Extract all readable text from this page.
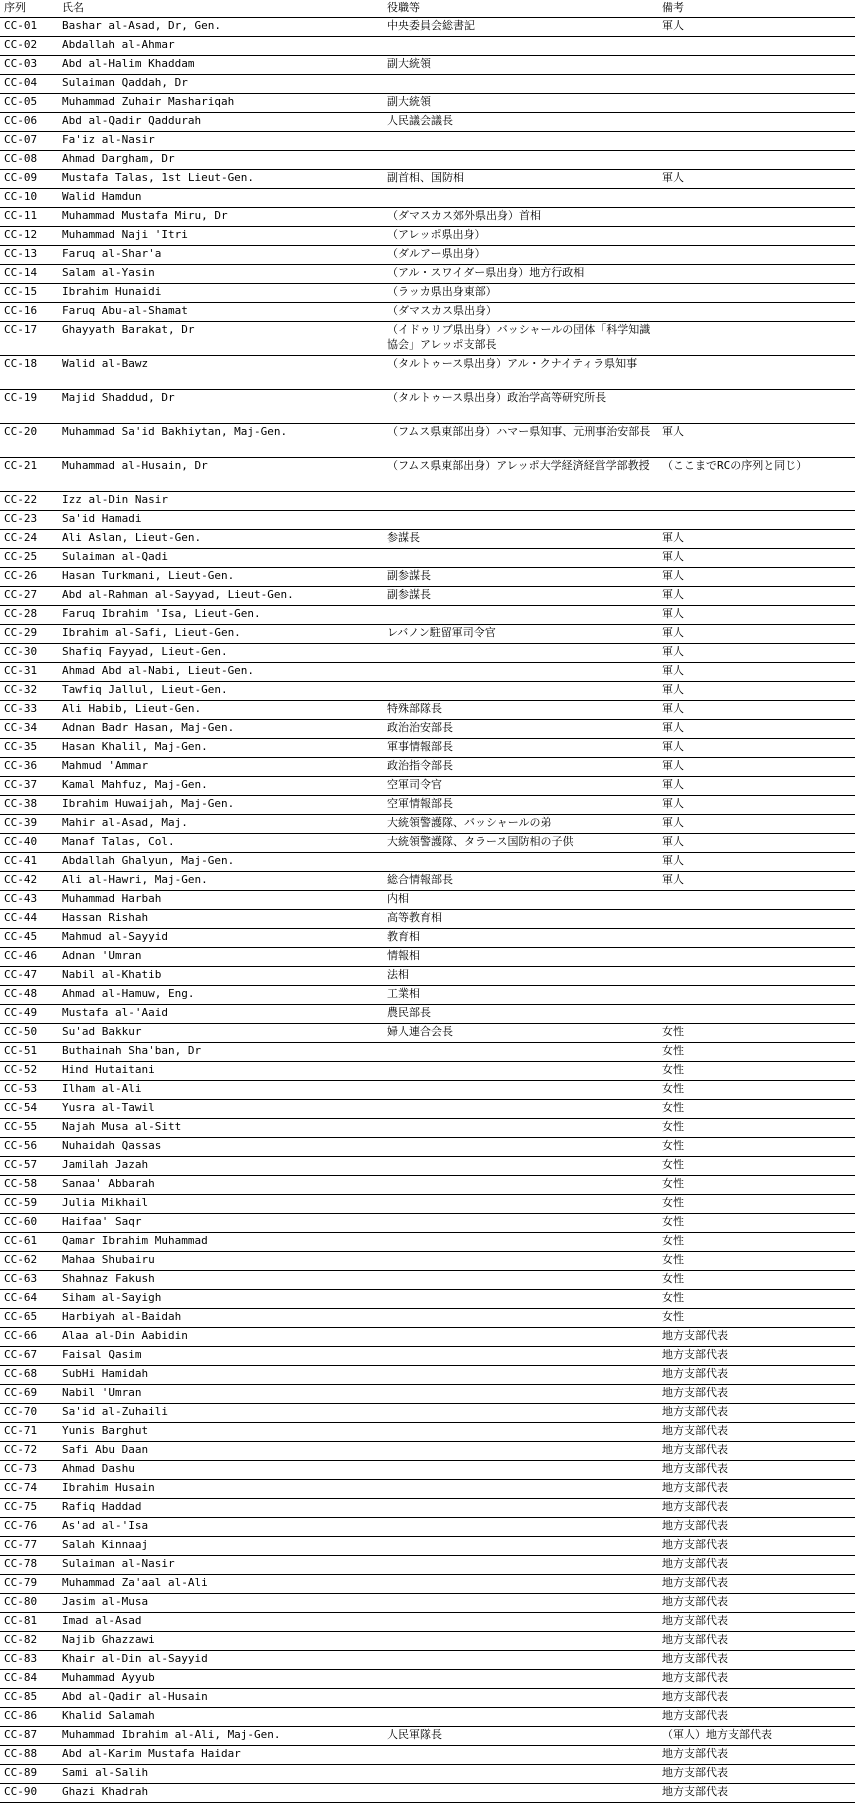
序列	氏名	役職等	備考
CC-01	Bashar al-Asad, Dr, Gen.	中央委員会総書記	軍人
CC-02	Abdallah al-Ahmar		
CC-03	Abd al-Halim Khaddam	副大統領	
CC-04	Sulaiman Qaddah, Dr		
CC-05	Muhammad Zuhair Mashariqah	副大統領	
CC-06	Abd al-Qadir Qaddurah	人民議会議長	
CC-07	Fa'iz al-Nasir		
CC-08	Ahmad Dargham, Dr		
CC-09	Mustafa Talas, 1st Lieut-Gen.	副首相、国防相	軍人
CC-10	Walid Hamdun		
CC-11	Muhammad Mustafa Miru, Dr	（ダマスカス郊外県出身）首相	
CC-12	Muhammad Naji 'Itri	（アレッポ県出身）	
CC-13	Faruq al-Shar'a	（ダルアー県出身）	
CC-14	Salam al-Yasin	（アル・スワイダー県出身）地方行政相	
CC-15	Ibrahim Hunaidi	（ラッカ県出身東部）	
CC-16	Faruq Abu-al-Shamat	（ダマスカス県出身）	
CC-17	Ghayyath Barakat, Dr	（イドゥリブ県出身）バッシャールの団体「科学知識協会」アレッポ支部長	
CC-18	Walid al-Bawz	（タルトゥース県出身）アル・クナイティラ県知事	
CC-19	Majid Shaddud, Dr	（タルトゥース県出身）政治学高等研究所長	
CC-20	Muhammad Sa'id Bakhiytan, Maj-Gen.	（フムス県東部出身）ハマー県知事、元刑事治安部長	軍人
CC-21	Muhammad al-Husain, Dr	（フムス県東部出身）アレッポ大学経済経営学部教授	（ここまでRCの序列と同じ）
CC-22	Izz al-Din Nasir		
CC-23	Sa'id Hamadi		
CC-24	Ali Aslan, Lieut-Gen.	参謀長	軍人
CC-25	Sulaiman al-Qadi		軍人
CC-26	Hasan Turkmani, Lieut-Gen.	副参謀長	軍人
CC-27	Abd al-Rahman al-Sayyad, Lieut-Gen.	副参謀長	軍人
CC-28	Faruq Ibrahim 'Isa, Lieut-Gen.		軍人
CC-29	Ibrahim al-Safi, Lieut-Gen.	レバノン駐留軍司令官	軍人
CC-30	Shafiq Fayyad, Lieut-Gen.		軍人
CC-31	Ahmad Abd al-Nabi, Lieut-Gen.		軍人
CC-32	Tawfiq Jallul, Lieut-Gen.		軍人
CC-33	Ali Habib, Lieut-Gen.	特殊部隊長	軍人
CC-34	Adnan Badr Hasan, Maj-Gen.	政治治安部長	軍人
CC-35	Hasan Khalil, Maj-Gen.	軍事情報部長	軍人
CC-36	Mahmud 'Ammar	政治指令部長	軍人
CC-37	Kamal Mahfuz, Maj-Gen.	空軍司令官	軍人
CC-38	Ibrahim Huwaijah, Maj-Gen.	空軍情報部長	軍人
CC-39	Mahir al-Asad, Maj.	大統領警護隊、バッシャールの弟	軍人
CC-40	Manaf Talas, Col.	大統領警護隊、タラース国防相の子供	軍人
CC-41	Abdallah Ghalyun, Maj-Gen.		軍人
CC-42	Ali al-Hawri, Maj-Gen.	総合情報部長	軍人
CC-43	Muhammad Harbah	内相	
CC-44	Hassan Rishah	高等教育相	
CC-45	Mahmud al-Sayyid	教育相	
CC-46	Adnan 'Umran	情報相	
CC-47	Nabil al-Khatib	法相	
CC-48	Ahmad al-Hamuw, Eng.	工業相	
CC-49	Mustafa al-'Aaid	農民部長	
CC-50	Su'ad Bakkur	婦人連合会長	女性
CC-51	Buthainah Sha'ban, Dr		女性
CC-52	Hind Hutaitani		女性
CC-53	Ilham al-Ali		女性
CC-54	Yusra al-Tawil		女性
CC-55	Najah Musa al-Sitt		女性
CC-56	Nuhaidah Qassas		女性
CC-57	Jamilah Jazah		女性
CC-58	Sanaa' Abbarah		女性
CC-59	Julia Mikhail		女性
CC-60	Haifaa' Saqr		女性
CC-61	Qamar Ibrahim Muhammad		女性
CC-62	Mahaa Shubairu		女性
CC-63	Shahnaz Fakush		女性
CC-64	Siham al-Sayigh		女性
CC-65	Harbiyah al-Baidah		女性
CC-66	Alaa al-Din Aabidin		地方支部代表
CC-67	Faisal Qasim		地方支部代表
CC-68	SubHi Hamidah		地方支部代表
CC-69	Nabil 'Umran		地方支部代表
CC-70	Sa'id al-Zuhaili		地方支部代表
CC-71	Yunis Barghut		地方支部代表
CC-72	Safi Abu Daan		地方支部代表
CC-73	Ahmad Dashu		地方支部代表
CC-74	Ibrahim Husain		地方支部代表
CC-75	Rafiq Haddad		地方支部代表
CC-76	As'ad al-'Isa		地方支部代表
CC-77	Salah Kinnaaj		地方支部代表
CC-78	Sulaiman al-Nasir		地方支部代表
CC-79	Muhammad Za'aal al-Ali		地方支部代表
CC-80	Jasim al-Musa		地方支部代表
CC-81	Imad al-Asad		地方支部代表
CC-82	Najib Ghazzawi		地方支部代表
CC-83	Khair al-Din al-Sayyid		地方支部代表
CC-84	Muhammad Ayyub		地方支部代表
CC-85	Abd al-Qadir al-Husain		地方支部代表
CC-86	Khalid Salamah		地方支部代表
CC-87	Muhammad Ibrahim al-Ali, Maj-Gen.	人民軍隊長	（軍人）地方支部代表
CC-88	Abd al-Karim Mustafa Haidar		地方支部代表
CC-89	Sami al-Salih		地方支部代表
CC-90	Ghazi Khadrah		地方支部代表
